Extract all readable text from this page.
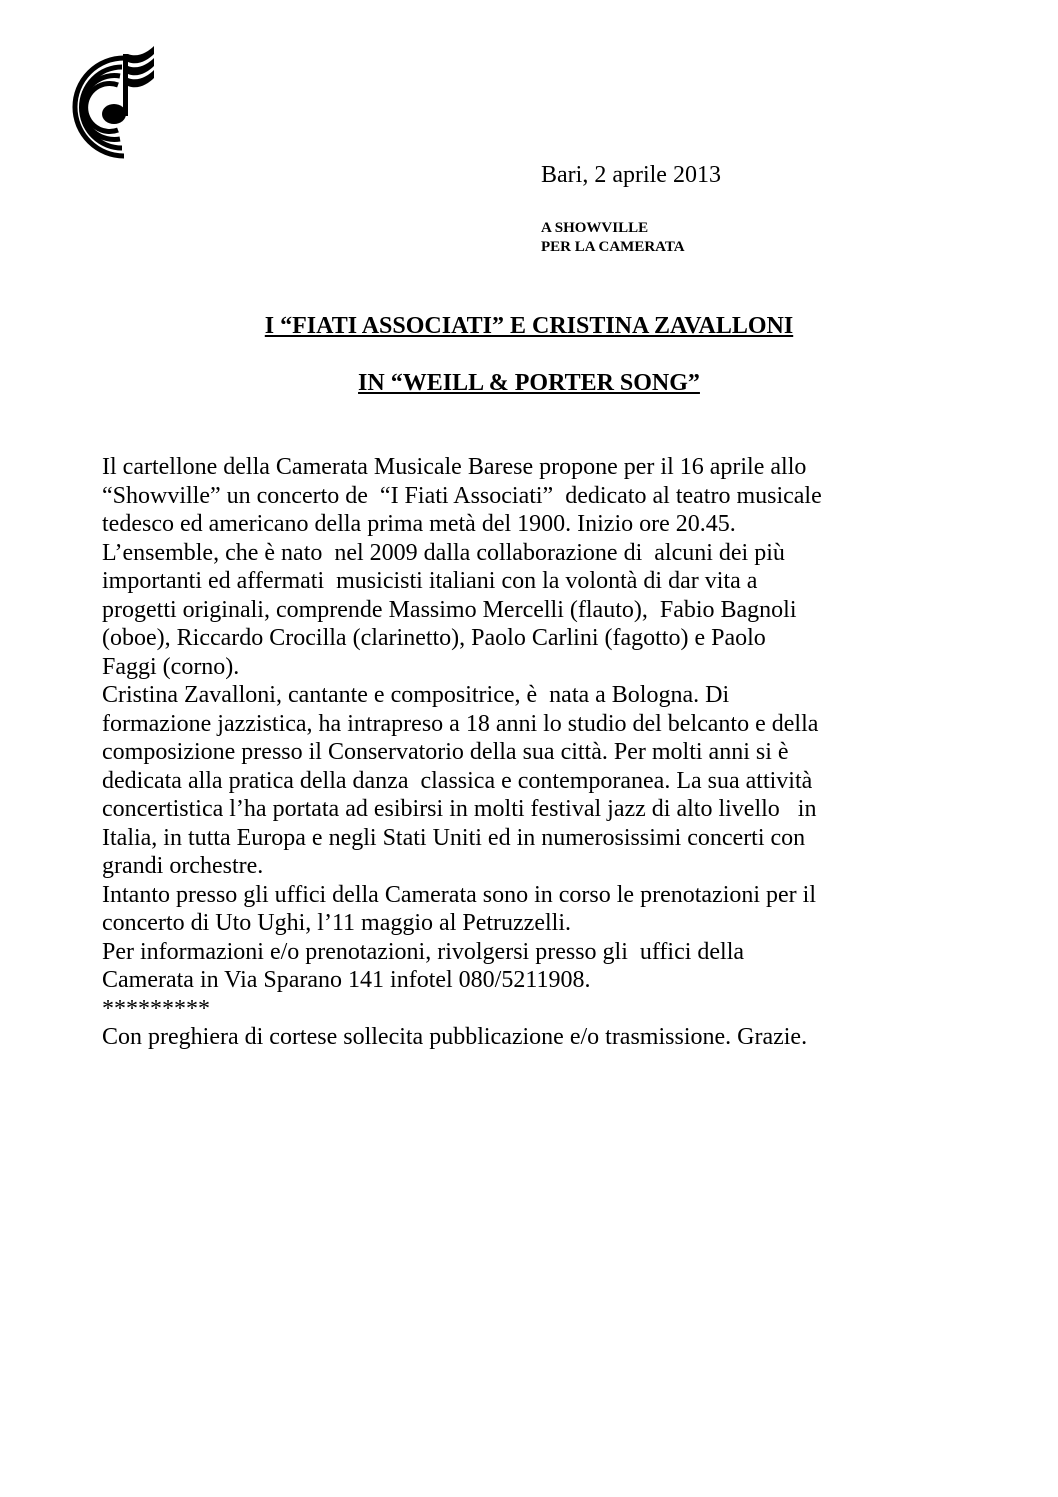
Bari, 2 aprile 2013
A SHOWVILLE
PER LA CAMERATA
I “FIATI ASSOCIATI” E CRISTINA ZAVALLONI
IN “WEILL & PORTER SONG”
Il cartellone della Camerata Musicale Barese propone per il 16 aprile allo
“Showville” un concerto de  “I Fiati Associati”  dedicato al teatro musicale
tedesco ed americano della prima metà del 1900. Inizio ore 20.45.
L’ensemble, che è nato  nel 2009 dalla collaborazione di  alcuni dei più
importanti ed affermati  musicisti italiani con la volontà di dar vita a
progetti originali, comprende Massimo Mercelli (flauto),  Fabio Bagnoli
(oboe), Riccardo Crocilla (clarinetto), Paolo Carlini (fagotto) e Paolo
Faggi (corno).
Cristina Zavalloni, cantante e compositrice, è  nata a Bologna. Di
formazione jazzistica, ha intrapreso a 18 anni lo studio del belcanto e della
composizione presso il Conservatorio della sua città. Per molti anni si è
dedicata alla pratica della danza  classica e contemporanea. La sua attività
concertistica l’ha portata ad esibirsi in molti festival jazz di alto livello   in
Italia, in tutta Europa e negli Stati Uniti ed in numerosissimi concerti con
grandi orchestre.
Intanto presso gli uffici della Camerata sono in corso le prenotazioni per il
concerto di Uto Ughi, l’11 maggio al Petruzzelli.
Per informazioni e/o prenotazioni, rivolgersi presso gli  uffici della
Camerata in Via Sparano 141 infotel 080/5211908.
*********
Con preghiera di cortese sollecita pubblicazione e/o trasmissione. Grazie.
